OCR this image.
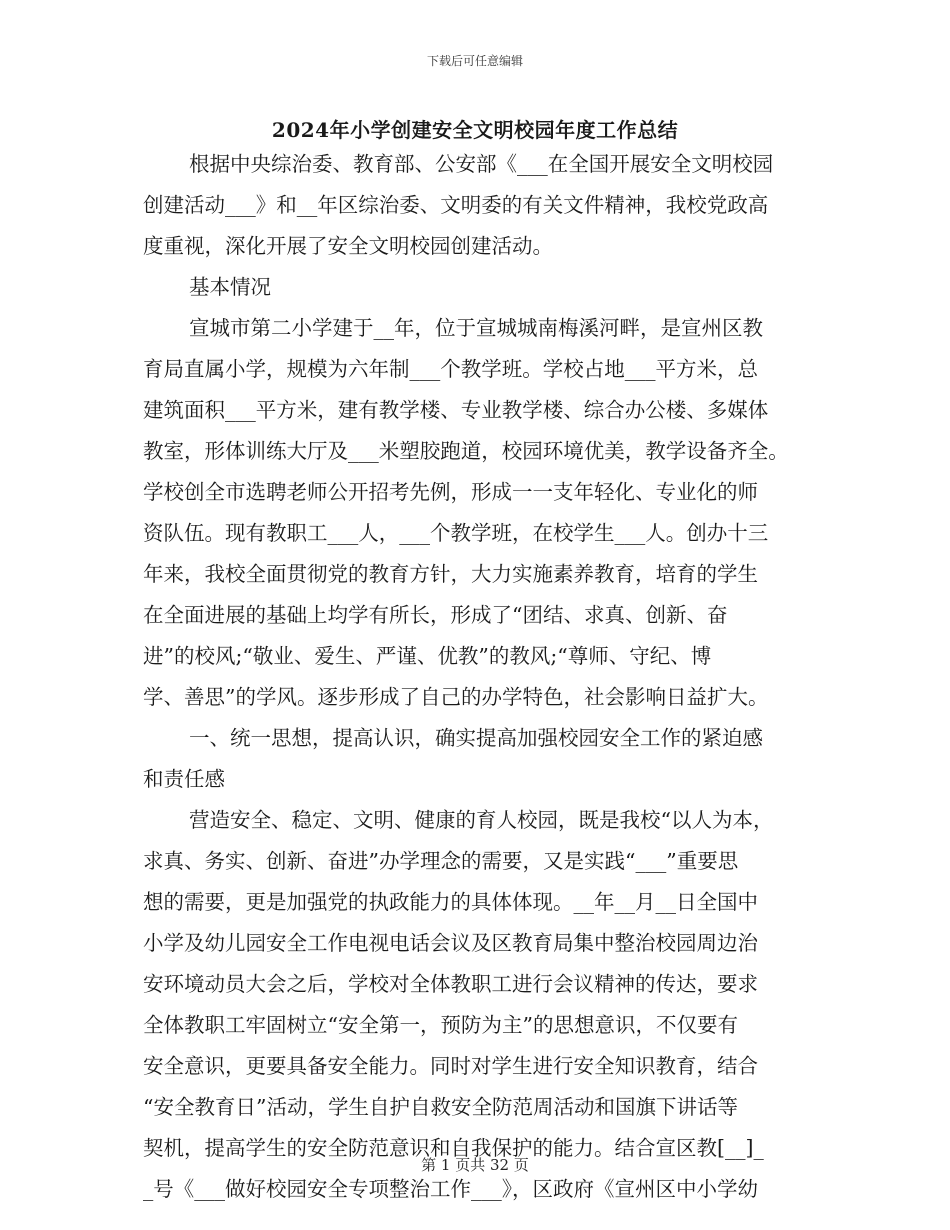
下载后可任意编辑
2024年小学创建安全文明校园年度工作总结
根据中央综治委、教育部、公安部《___在全国开展安全文明校园
创建活动___》和__年区综治委、文明委的有关文件精神，我校党政高
度重视，深化开展了安全文明校园创建活动。
基本情况
宣城市第二小学建于__年，位于宣城城南梅溪河畔，是宣州区教
育局直属小学，规模为六年制___个教学班。学校占地___平方米，总
建筑面积___平方米，建有教学楼、专业教学楼、综合办公楼、多媒体
教室，形体训练大厅及___米塑胶跑道，校园环境优美，教学设备齐全。
学校创全市选聘老师公开招考先例，形成一一支年轻化、专业化的师
资队伍。现有教职工___人，___个教学班，在校学生___人。创办十三
年来，我校全面贯彻党的教育方针，大力实施素养教育，培育的学生
在全面进展的基础上均学有所长，形成了“团结、求真、创新、奋
进”的校风;“敬业、爱生、严谨、优教”的教风;“尊师、守纪、博
学、善思”的学风。逐步形成了自己的办学特色，社会影响日益扩大。
一、统一思想，提高认识，确实提高加强校园安全工作的紧迫感
和责任感
营造安全、稳定、文明、健康的育人校园，既是我校“以人为本，
求真、务实、创新、奋进”办学理念的需要，又是实践“___”重要思
想的需要，更是加强党的执政能力的具体体现。__年__月__日全国中
小学及幼儿园安全工作电视电话会议及区教育局集中整治校园周边治
安环境动员大会之后，学校对全体教职工进行会议精神的传达，要求
全体教职工牢固树立“安全第一，预防为主”的思想意识，不仅要有
安全意识，更要具备安全能力。同时对学生进行安全知识教育，结合
“安全教育日”活动，学生自护自救安全防范周活动和国旗下讲话等
契机，提高学生的安全防范意识和自我保护的能力。结合宣区教[__]_
_号《___做好校园安全专项整治工作___》，区政府《宣州区中小学幼
第 1 页共 32 页
